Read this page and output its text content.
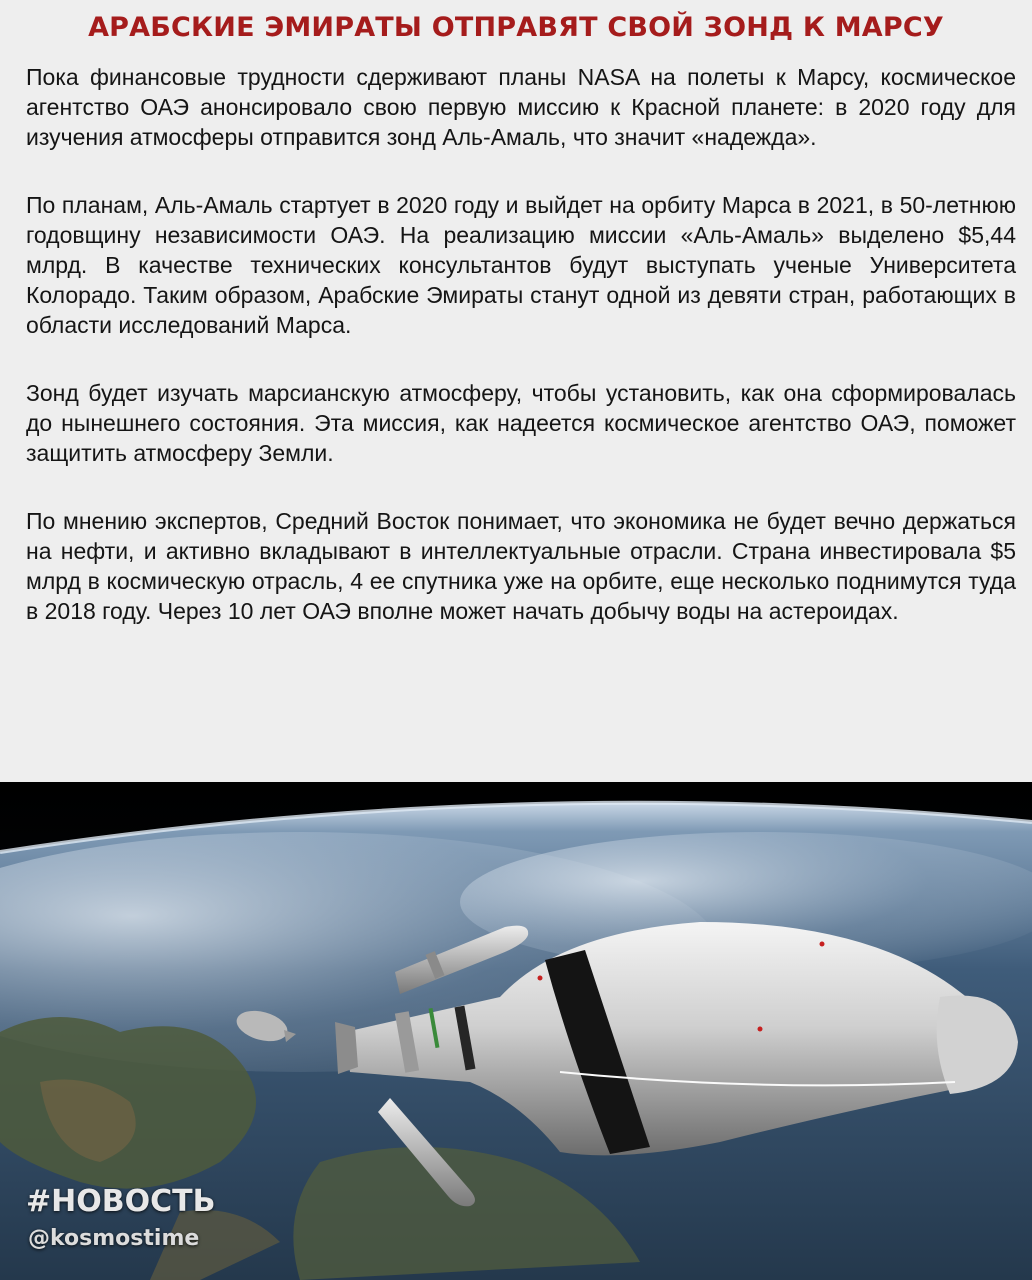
АРАБСКИЕ ЭМИРАТЫ ОТПРАВЯТ СВОЙ ЗОНД К МАРСУ

Пока финансовые трудности сдерживают планы NASA на полеты к Марсу, космическое агентство ОАЭ анонсировало свою первую миссию к Красной планете: в 2020 году для изучения атмосферы отправится зонд Аль-Амаль, что значит «надежда».

По планам, Аль-Амаль стартует в 2020 году и выйдет на орбиту Марса в 2021, в 50-летнюю годовщину независимости ОАЭ. На реализацию миссии «Аль-Амаль» выделено $5,44 млрд. В качестве технических консультантов будут выступать ученые Университета Колорадо. Таким образом, Арабские Эмираты станут одной из девяти стран, работающих в области исследований Марса.

Зонд будет изучать марсианскую атмосферу, чтобы установить, как она сформировалась до нынешнего состояния. Эта миссия, как надеется космическое агентство ОАЭ, поможет защитить атмосферу Земли.

По мнению экспертов, Средний Восток понимает, что экономика не будет вечно держаться на нефти, и активно вкладывают в интеллектуальные отрасли. Страна инвестировала $5 млрд в космическую отрасль, 4 ее спутника уже на орбите, еще несколько поднимутся туда в 2018 году. Через 10 лет ОАЭ вполне может начать добычу воды на астероидах.

#НОВОСТЬ
@kosmostime
